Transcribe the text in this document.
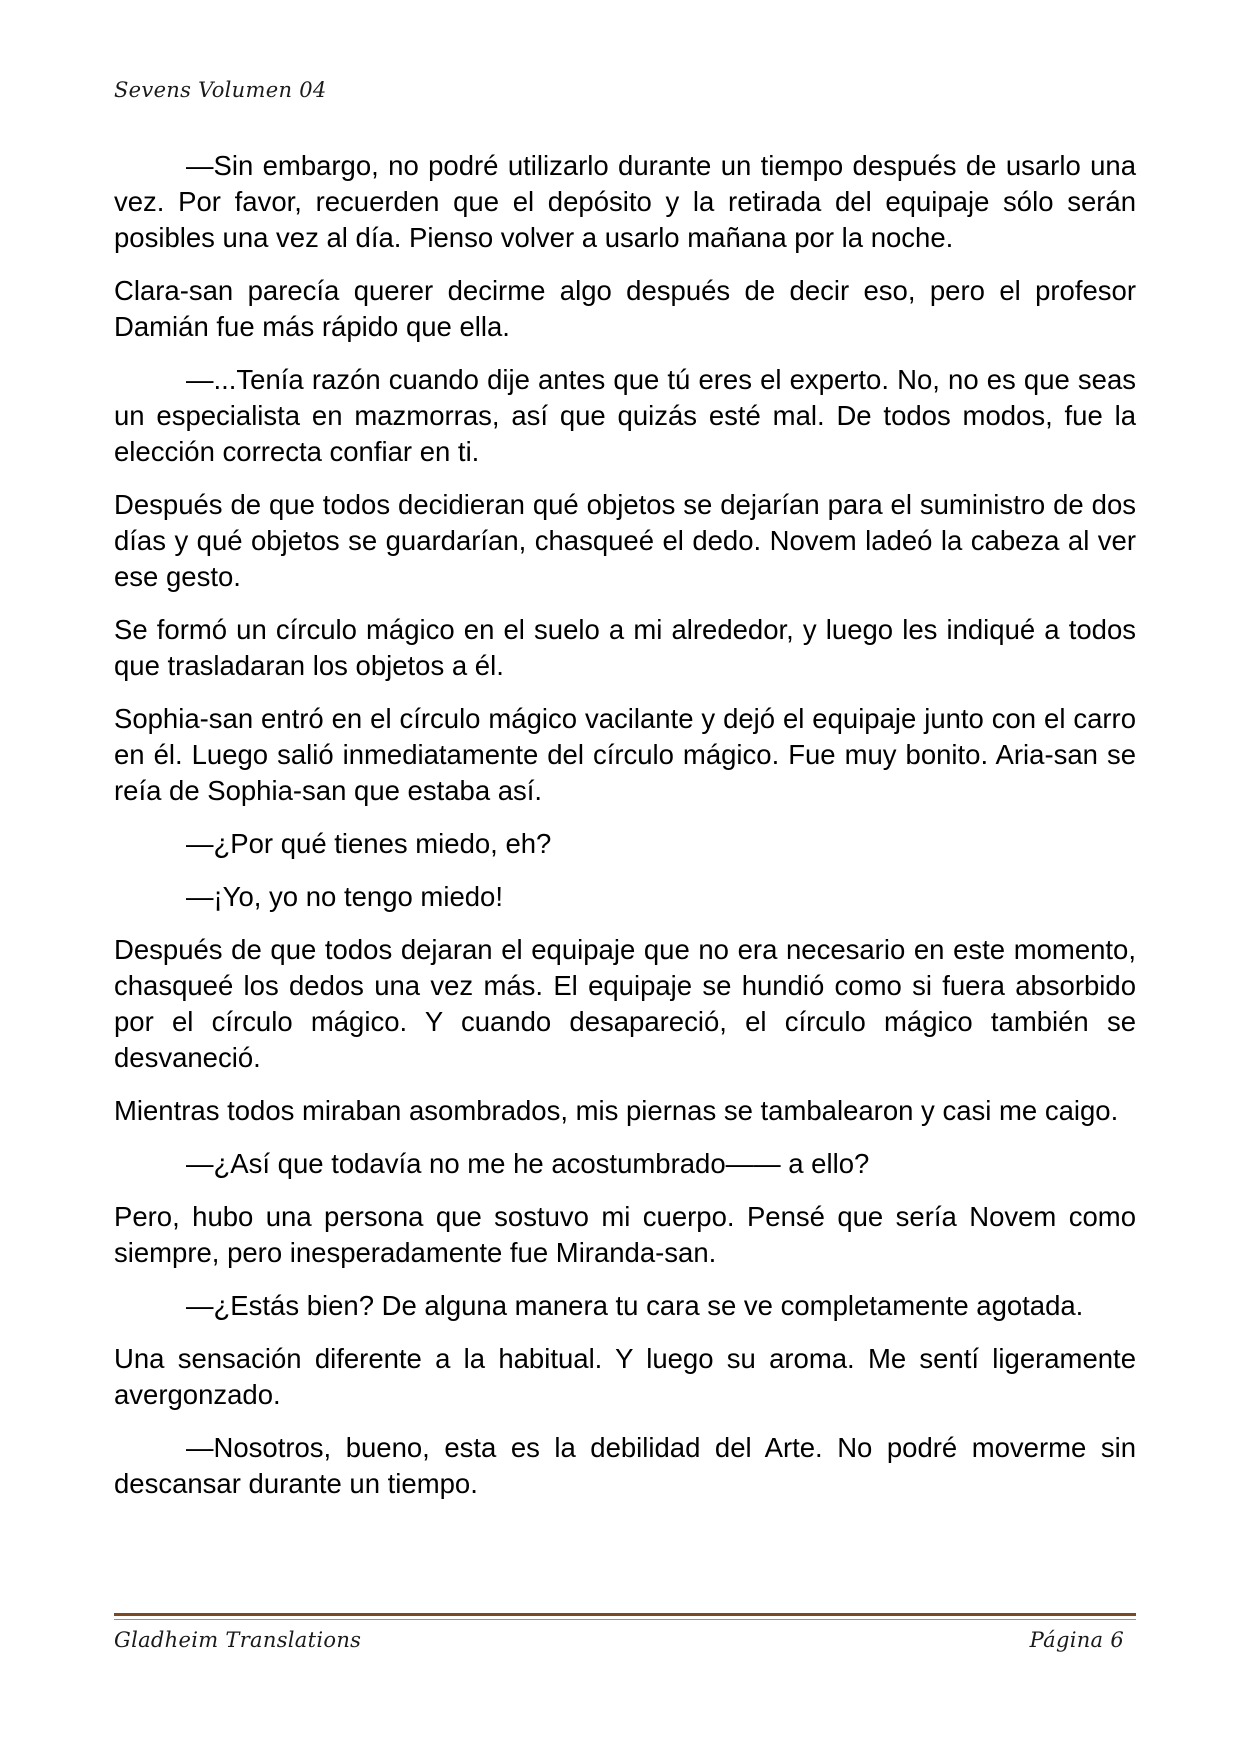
Sevens Volumen 04

—Sin embargo, no podré utilizarlo durante un tiempo después de usarlo una vez. Por favor, recuerden que el depósito y la retirada del equipaje sólo serán posibles una vez al día. Pienso volver a usarlo mañana por la noche.

Clara-san parecía querer decirme algo después de decir eso, pero el profesor Damián fue más rápido que ella.

—...Tenía razón cuando dije antes que tú eres el experto. No, no es que seas un especialista en mazmorras, así que quizás esté mal. De todos modos, fue la elección correcta confiar en ti.

Después de que todos decidieran qué objetos se dejarían para el suministro de dos días y qué objetos se guardarían, chasqueé el dedo. Novem ladeó la cabeza al ver ese gesto.

Se formó un círculo mágico en el suelo a mi alrededor, y luego les indiqué a todos que trasladaran los objetos a él.

Sophia-san entró en el círculo mágico vacilante y dejó el equipaje junto con el carro en él. Luego salió inmediatamente del círculo mágico. Fue muy bonito. Aria-san se reía de Sophia-san que estaba así.

—¿Por qué tienes miedo, eh?

—¡Yo, yo no tengo miedo!

Después de que todos dejaran el equipaje que no era necesario en este momento, chasqueé los dedos una vez más. El equipaje se hundió como si fuera absorbido por el círculo mágico. Y cuando desapareció, el círculo mágico también se desvaneció.

Mientras todos miraban asombrados, mis piernas se tambalearon y casi me caigo.

—¿Así que todavía no me he acostumbrado—— a ello?

Pero, hubo una persona que sostuvo mi cuerpo. Pensé que sería Novem como siempre, pero inesperadamente fue Miranda-san.

—¿Estás bien? De alguna manera tu cara se ve completamente agotada.

Una sensación diferente a la habitual. Y luego su aroma. Me sentí ligeramente avergonzado.

—Nosotros, bueno, esta es la debilidad del Arte. No podré moverme sin descansar durante un tiempo.

Gladheim Translations	Página 6
